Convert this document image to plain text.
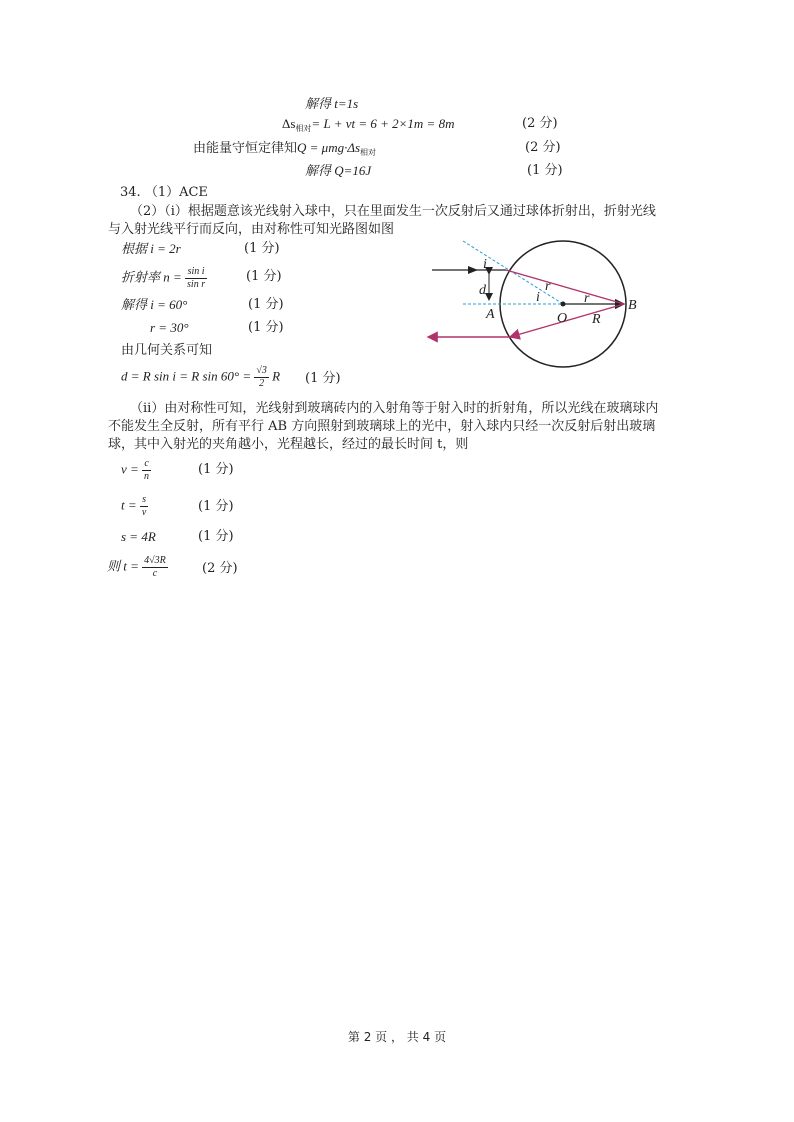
解得 t=1s
$\Delta s_{相对}= L$ + vt = 6 + 2×1m = 8m	(2 分)
由能量守恒定律知$Q = \mu mg\cdot\Delta s_{相对}$	(2 分)
解得 Q=16J	(1 分)
34. （1）ACE
（2）（i）根据题意该光线射入球中，只在里面发生一次反射后又通过球体折射出，折射光线
与入射光线平行而反向，由对称性可知光路图如图
根据 i = 2r	(1 分)
折射率 $n = \frac{\text{sin i}}{\text{sin r}}$	(1 分)
解得 i = 60°	(1 分)
r = 30°	(1 分)
由几何关系可知
d = R sin i = R $\sin 60^\circ = \frac{√3}{2}$ R (1 分)
（ii）由对称性可知，光线射到玻璃砖内的入射角等于射入时的折射角，所以光线在玻璃球内
不能发生全反射，所有平行 AB 方向照射到玻璃球上的光中，射入球内只经一次反射后射出玻璃
球，其中入射光的夹角越小，光程越长，经过的最长时间 t，则
$v = \frac{c}{n}$	(1 分)
$t = \frac{s}{v}$	(1 分)
s = 4R	(1 分)
则 $t = \frac{4√3R}{c}$	(2 分)
i
d	i
r
r
A	O R
B
第 2 页 ， 共 4 页
